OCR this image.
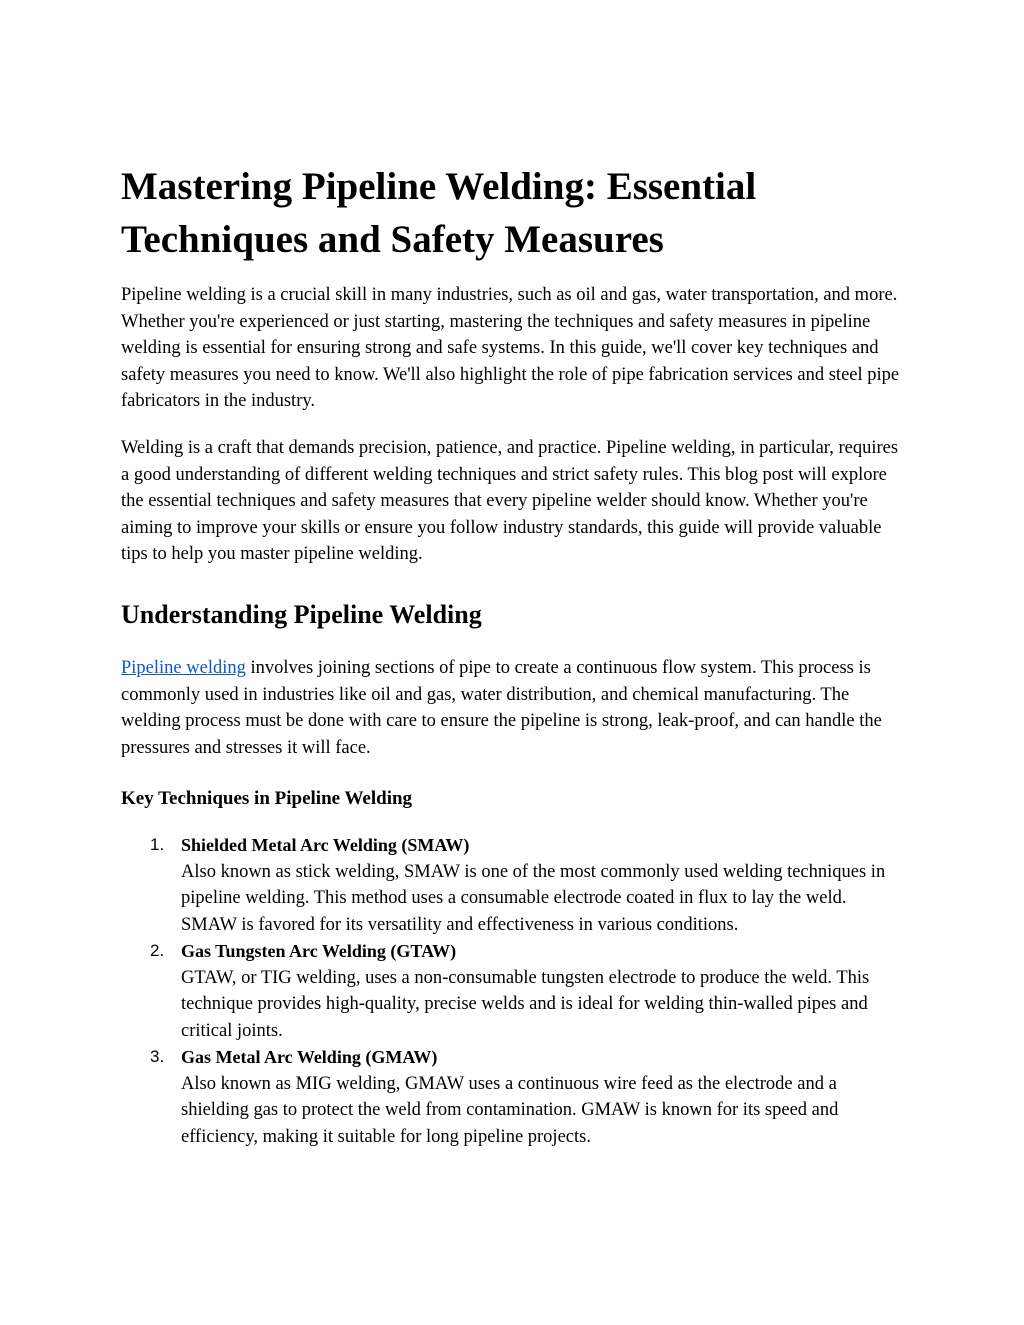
Mastering Pipeline Welding: Essential Techniques and Safety Measures

Pipeline welding is a crucial skill in many industries, such as oil and gas, water transportation, and more. Whether you're experienced or just starting, mastering the techniques and safety measures in pipeline welding is essential for ensuring strong and safe systems. In this guide, we'll cover key techniques and safety measures you need to know. We'll also highlight the role of pipe fabrication services and steel pipe fabricators in the industry.

Welding is a craft that demands precision, patience, and practice. Pipeline welding, in particular, requires a good understanding of different welding techniques and strict safety rules. This blog post will explore the essential techniques and safety measures that every pipeline welder should know. Whether you're aiming to improve your skills or ensure you follow industry standards, this guide will provide valuable tips to help you master pipeline welding.

Understanding Pipeline Welding

Pipeline welding involves joining sections of pipe to create a continuous flow system. This process is commonly used in industries like oil and gas, water distribution, and chemical manufacturing. The welding process must be done with care to ensure the pipeline is strong, leak-proof, and can handle the pressures and stresses it will face.

Key Techniques in Pipeline Welding
1. Shielded Metal Arc Welding (SMAW)
Also known as stick welding, SMAW is one of the most commonly used welding techniques in pipeline welding. This method uses a consumable electrode coated in flux to lay the weld. SMAW is favored for its versatility and effectiveness in various conditions.
2. Gas Tungsten Arc Welding (GTAW)
GTAW, or TIG welding, uses a non-consumable tungsten electrode to produce the weld. This technique provides high-quality, precise welds and is ideal for welding thin-walled pipes and critical joints.
3. Gas Metal Arc Welding (GMAW)
Also known as MIG welding, GMAW uses a continuous wire feed as the electrode and a shielding gas to protect the weld from contamination. GMAW is known for its speed and efficiency, making it suitable for long pipeline projects.
